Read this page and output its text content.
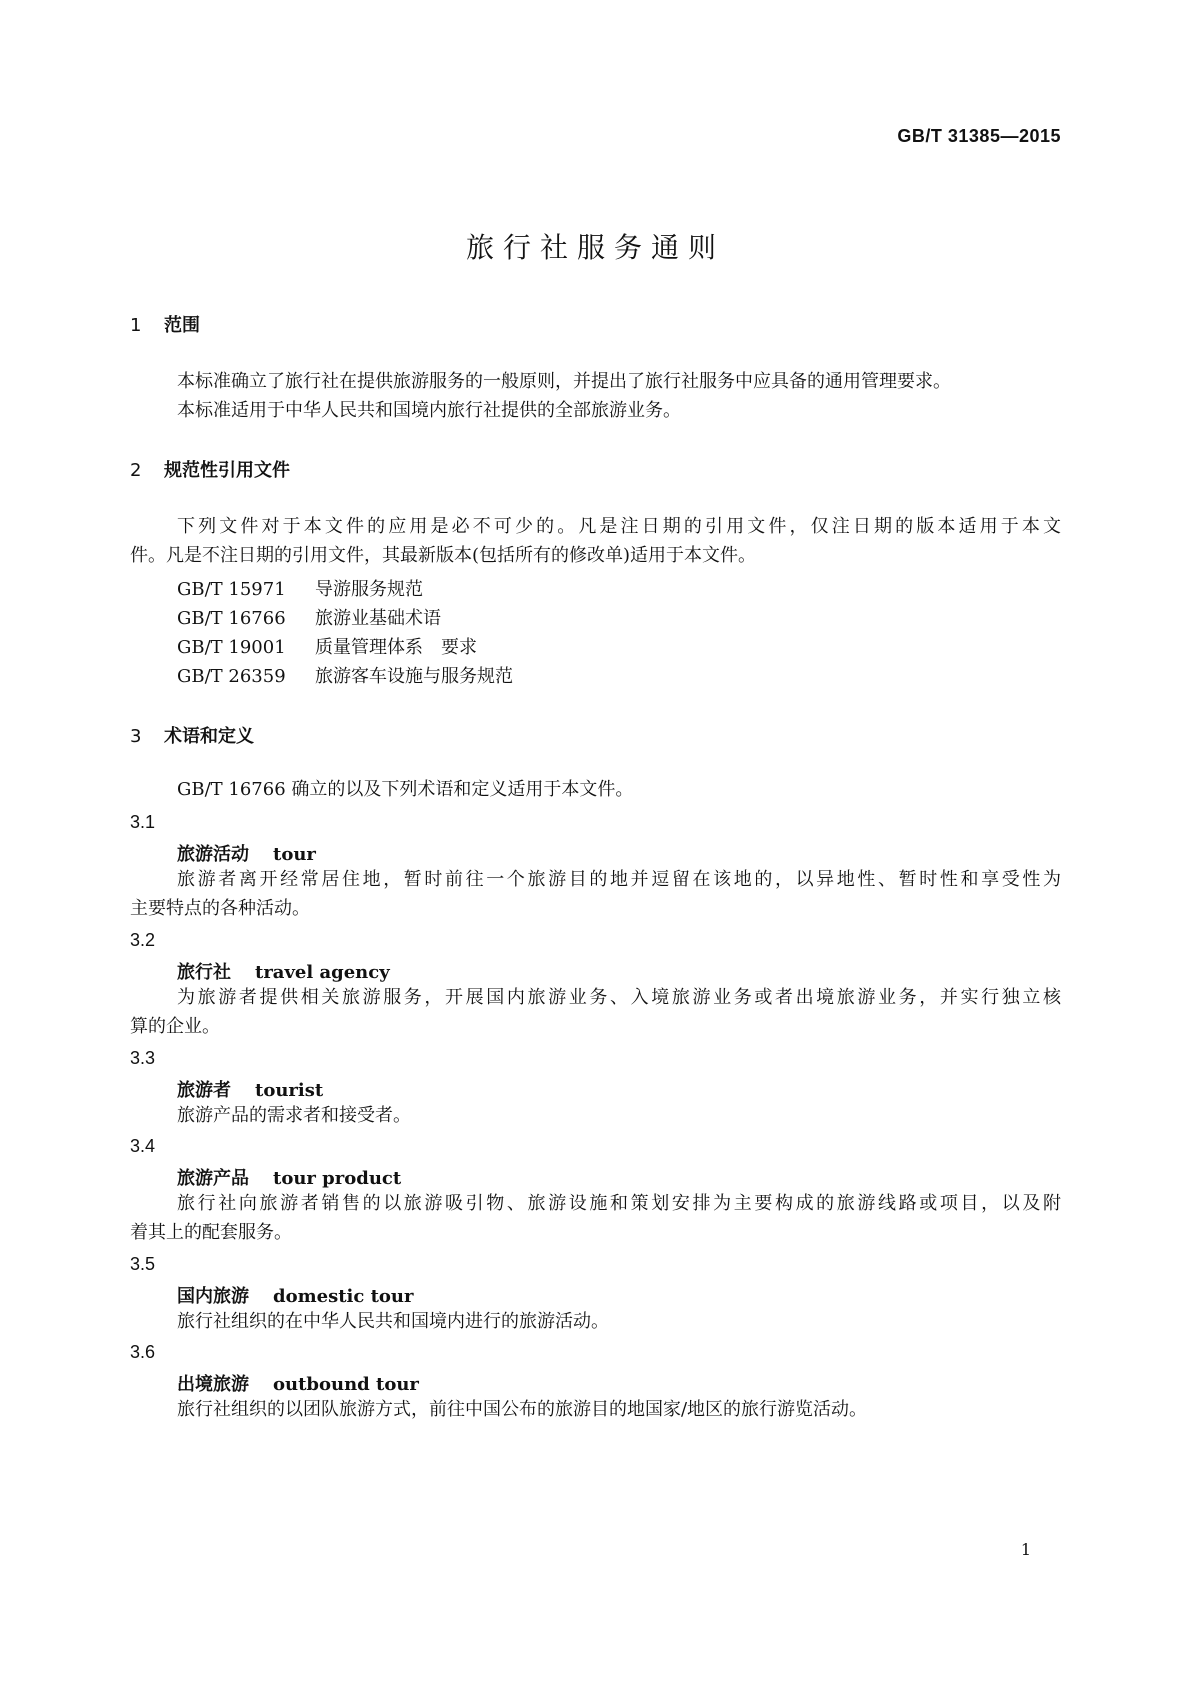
GB/T 31385—2015
旅行社服务通则
1 范围
本标准确立了旅行社在提供旅游服务的一般原则，并提出了旅行社服务中应具备的通用管理要求。
本标准适用于中华人民共和国境内旅行社提供的全部旅游业务。
2 规范性引用文件
下列文件对于本文件的应用是必不可少的。凡是注日期的引用文件，仅注日期的版本适用于本文
件。凡是不注日期的引用文件，其最新版本(包括所有的修改单)适用于本文件。
GB/T 15971 导游服务规范
GB/T 16766 旅游业基础术语
GB/T 19001 质量管理体系　要求
GB/T 26359 旅游客车设施与服务规范
3 术语和定义
GB/T 16766 确立的以及下列术语和定义适用于本文件。
3.1
旅游活动 tour
旅游者离开经常居住地，暂时前往一个旅游目的地并逗留在该地的，以异地性、暂时性和享受性为
主要特点的各种活动。
3.2
旅行社 travel agency
为旅游者提供相关旅游服务，开展国内旅游业务、入境旅游业务或者出境旅游业务，并实行独立核
算的企业。
3.3
旅游者 tourist
旅游产品的需求者和接受者。
3.4
旅游产品 tour product
旅行社向旅游者销售的以旅游吸引物、旅游设施和策划安排为主要构成的旅游线路或项目，以及附
着其上的配套服务。
3.5
国内旅游 domestic tour
旅行社组织的在中华人民共和国境内进行的旅游活动。
3.6
出境旅游 outbound tour
旅行社组织的以团队旅游方式，前往中国公布的旅游目的地国家/地区的旅行游览活动。
1
